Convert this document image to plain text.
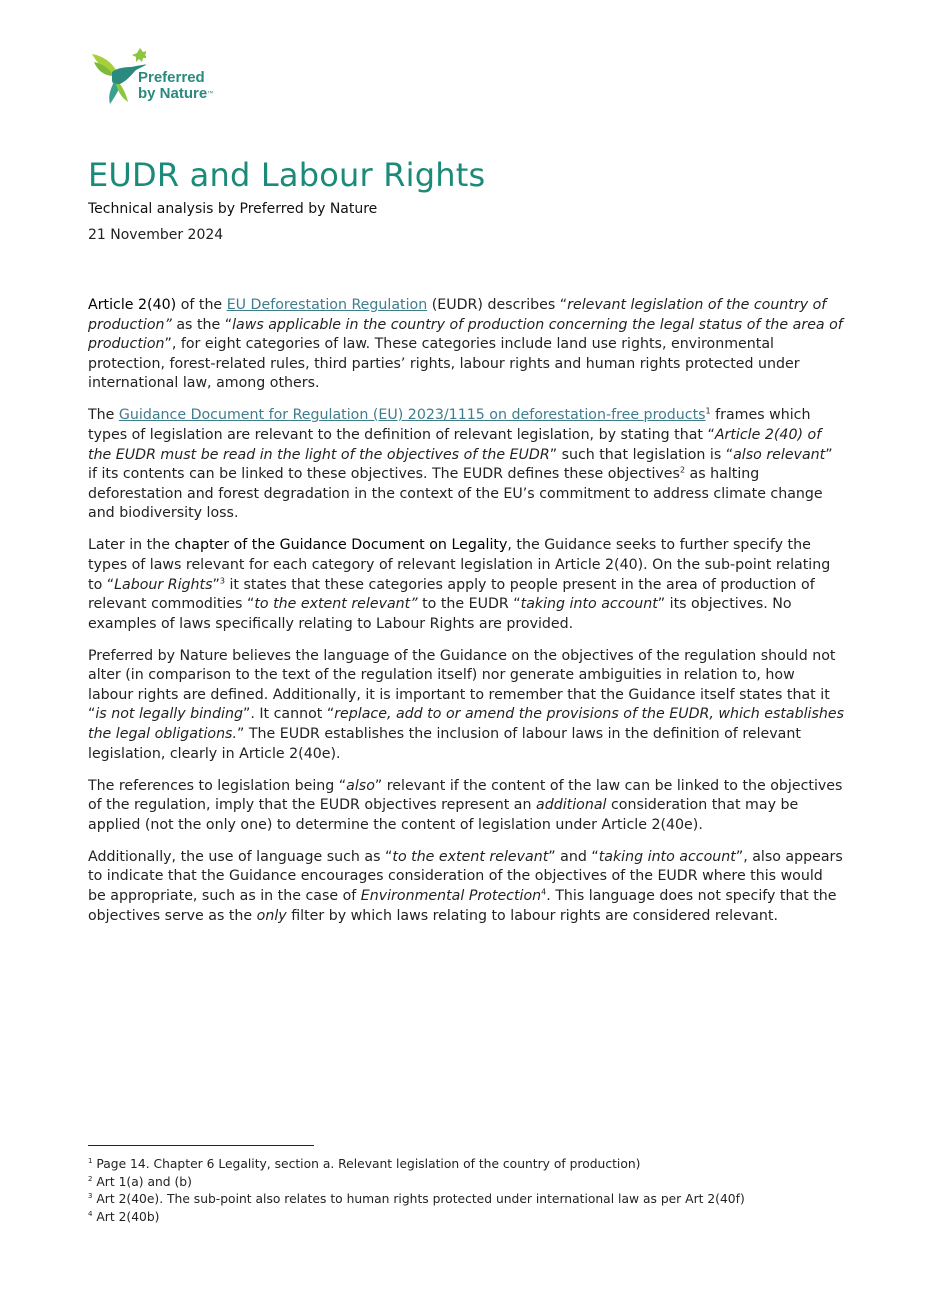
Preferred
by Nature™
EUDR and Labour Rights
Technical analysis by Preferred by Nature
21 November 2024

Article 2(40) of the EU Deforestation Regulation (EUDR) describes “relevant legislation of the country of production” as the “laws applicable in the country of production concerning the legal status of the area of production”, for eight categories of law. These categories include land use rights, environmental protection, forest-related rules, third parties’ rights, labour rights and human rights protected under international law, among others.

The Guidance Document for Regulation (EU) 2023/1115 on deforestation-free products$^1$ frames which types of legislation are relevant to the definition of relevant legislation, by stating that “Article 2(40) of the EUDR must be read in the light of the objectives of the EUDR” such that legislation is “also relevant” if its contents can be linked to these objectives. The EUDR defines these objectives$^2$ as halting deforestation and forest degradation in the context of the EU’s commitment to address climate change and biodiversity loss.

Later in the chapter of the Guidance Document on Legality, the Guidance seeks to further specify the types of laws relevant for each category of relevant legislation in Article 2(40). On the sub-point relating to “Labour Rights”$^3$ it states that these categories apply to people present in the area of production of relevant commodities “to the extent relevant” to the EUDR “taking into account” its objectives. No examples of laws specifically relating to Labour Rights are provided.

Preferred by Nature believes the language of the Guidance on the objectives of the regulation should not alter (in comparison to the text of the regulation itself) nor generate ambiguities in relation to, how labour rights are defined. Additionally, it is important to remember that the Guidance itself states that it “is not legally binding”. It cannot “replace, add to or amend the provisions of the EUDR, which establishes the legal obligations.” The EUDR establishes the inclusion of labour laws in the definition of relevant legislation, clearly in Article 2(40e).

The references to legislation being “also” relevant if the content of the law can be linked to the objectives of the regulation, imply that the EUDR objectives represent an additional consideration that may be applied (not the only one) to determine the content of legislation under Article 2(40e).

Additionally, the use of language such as “to the extent relevant” and “taking into account”, also appears to indicate that the Guidance encourages consideration of the objectives of the EUDR where this would be appropriate, such as in the case of Environmental Protection$^4$. This language does not specify that the objectives serve as the only filter by which laws relating to labour rights are considered relevant.

$^1$ Page 14. Chapter 6 Legality, section a. Relevant legislation of the country of production)
$^2$ Art 1(a) and (b)
$^3$ Art 2(40e). The sub-point also relates to human rights protected under international law as per Art 2(40f)
$^4$ Art 2(40b)
